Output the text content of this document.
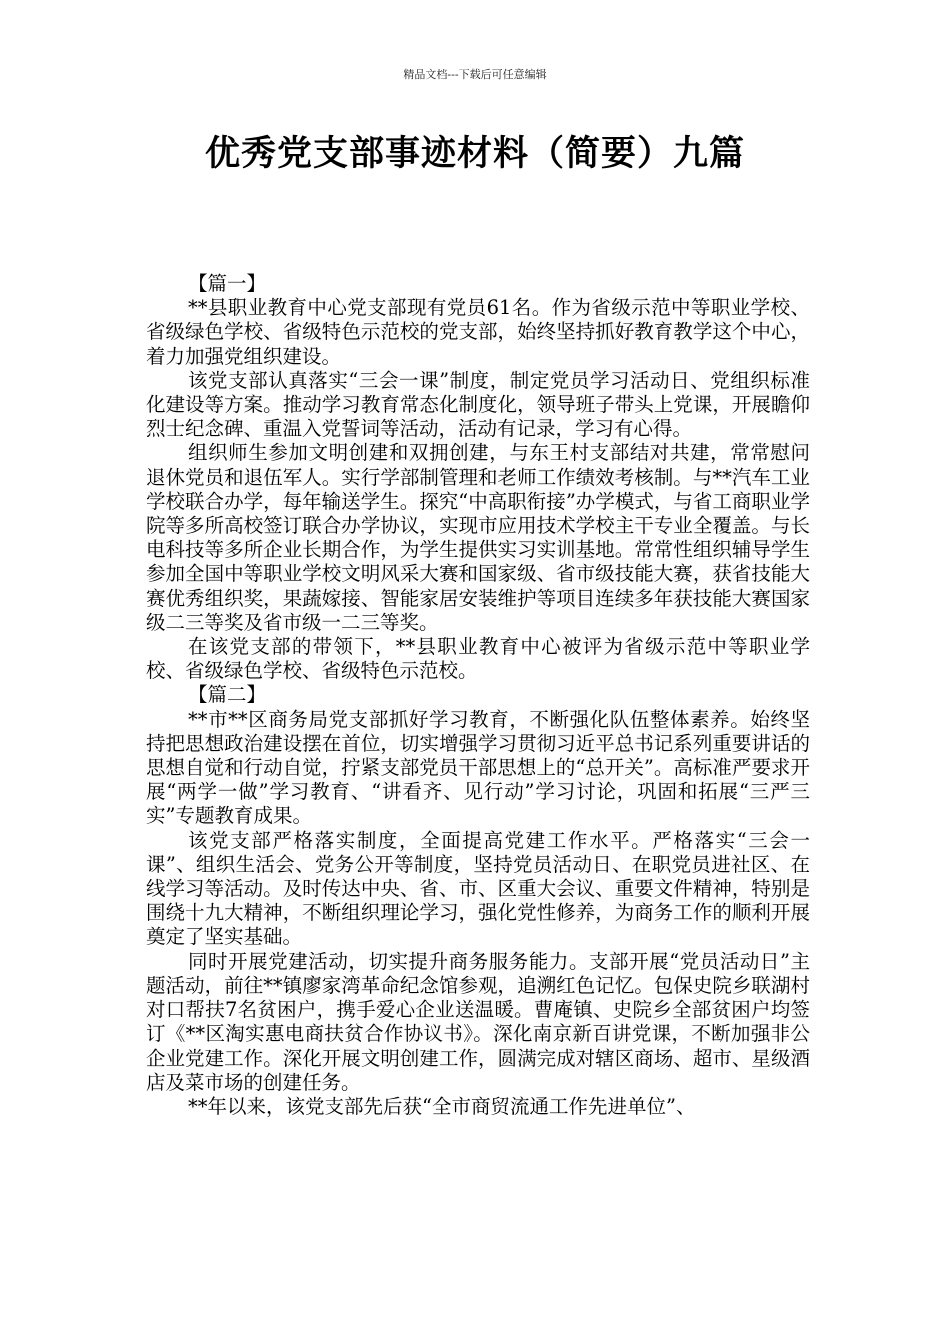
精品文档---下载后可任意编辑
优秀党支部事迹材料（简要）九篇

【篇一】

**县职业教育中心党支部现有党员61名。作为省级示范中等职业学校、省级绿色学校、省级特色示范校的党支部，始终坚持抓好教育教学这个中心，着力加强党组织建设。

该党支部认真落实“三会一课”制度，制定党员学习活动日、党组织标准化建设等方案。推动学习教育常态化制度化，领导班子带头上党课，开展瞻仰烈士纪念碑、重温入党誓词等活动，活动有记录，学习有心得。

组织师生参加文明创建和双拥创建，与东王村支部结对共建，常常慰问退休党员和退伍军人。实行学部制管理和老师工作绩效考核制。与**汽车工业学校联合办学，每年输送学生。探究“中高职衔接”办学模式，与省工商职业学院等多所高校签订联合办学协议，实现市应用技术学校主干专业全覆盖。与长电科技等多所企业长期合作，为学生提供实习实训基地。常常性组织辅导学生参加全国中等职业学校文明风采大赛和国家级、省市级技能大赛，获省技能大赛优秀组织奖，果蔬嫁接、智能家居安装维护等项目连续多年获技能大赛国家级二三等奖及省市级一二三等奖。

在该党支部的带领下，**县职业教育中心被评为省级示范中等职业学校、省级绿色学校、省级特色示范校。

【篇二】

**市**区商务局党支部抓好学习教育，不断强化队伍整体素养。始终坚持把思想政治建设摆在首位，切实增强学习贯彻习近平总书记系列重要讲话的思想自觉和行动自觉，拧紧支部党员干部思想上的“总开关”。高标准严要求开展“两学一做”学习教育、“讲看齐、见行动”学习讨论，巩固和拓展“三严三实”专题教育成果。

该党支部严格落实制度，全面提高党建工作水平。严格落实“三会一课”、组织生活会、党务公开等制度，坚持党员活动日、在职党员进社区、在线学习等活动。及时传达中央、省、市、区重大会议、重要文件精神，特别是围绕十九大精神，不断组织理论学习，强化党性修养，为商务工作的顺利开展奠定了坚实基础。

同时开展党建活动，切实提升商务服务能力。支部开展“党员活动日”主题活动，前往**镇廖家湾革命纪念馆参观，追溯红色记忆。包保史院乡联湖村对口帮扶7名贫困户，携手爱心企业送温暖。曹庵镇、史院乡全部贫困户均签订《**区淘实惠电商扶贫合作协议书》。深化南京新百讲党课，不断加强非公企业党建工作。深化开展文明创建工作，圆满完成对辖区商场、超市、星级酒店及菜市场的创建任务。

**年以来，该党支部先后获“全市商贸流通工作先进单位”、
